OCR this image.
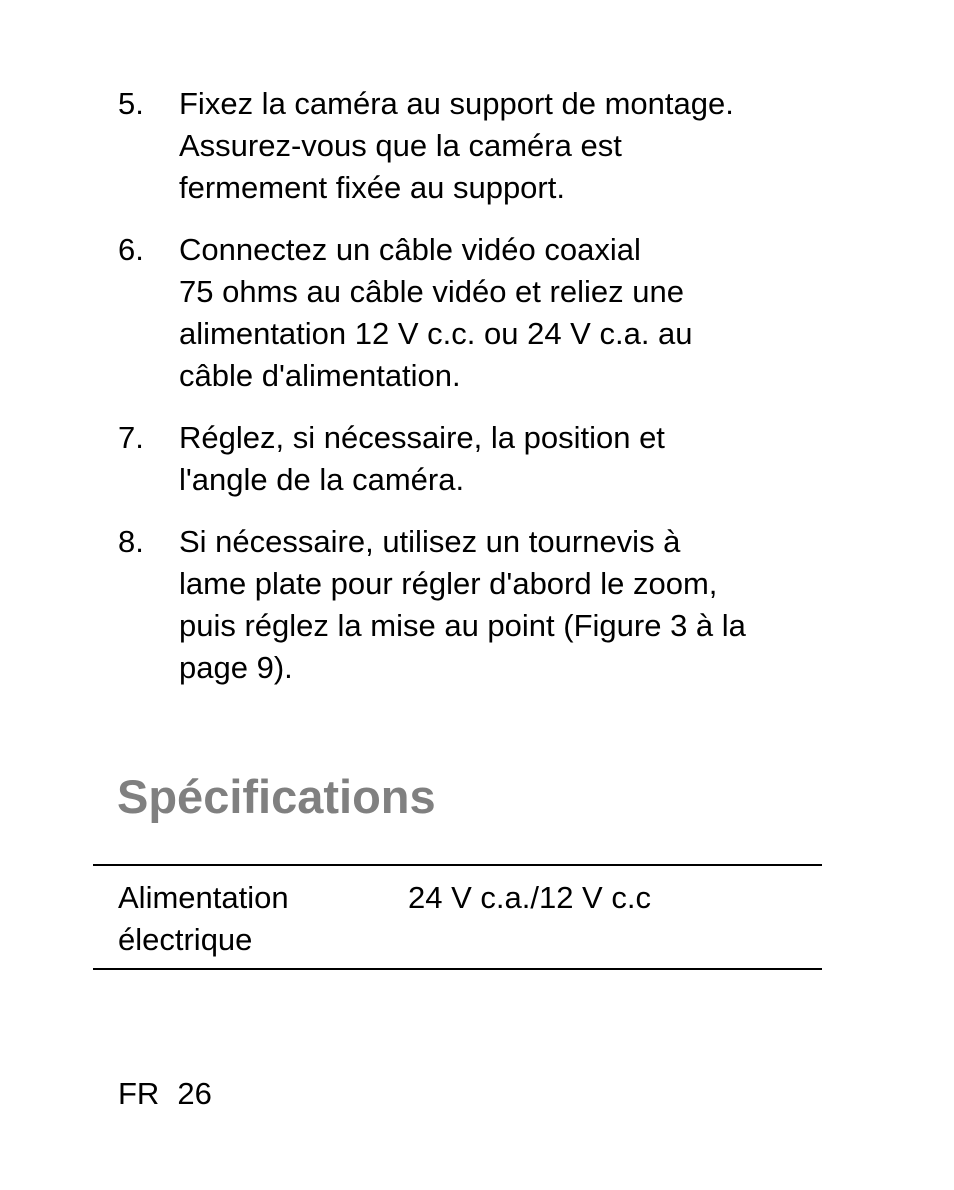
5. Fixez la caméra au support de montage.
Assurez-vous que la caméra est
fermement fixée au support.
6. Connectez un câble vidéo coaxial
75 ohms au câble vidéo et reliez une
alimentation 12 V c.c. ou 24 V c.a. au
câble d'alimentation.
7. Réglez, si nécessaire, la position et
l'angle de la caméra.
8. Si nécessaire, utilisez un tournevis à
lame plate pour régler d'abord le zoom,
puis réglez la mise au point (Figure 3 à la
page 9).
Spécifications
Alimentation
électrique
24 V c.a./12 V c.c
FR 26
